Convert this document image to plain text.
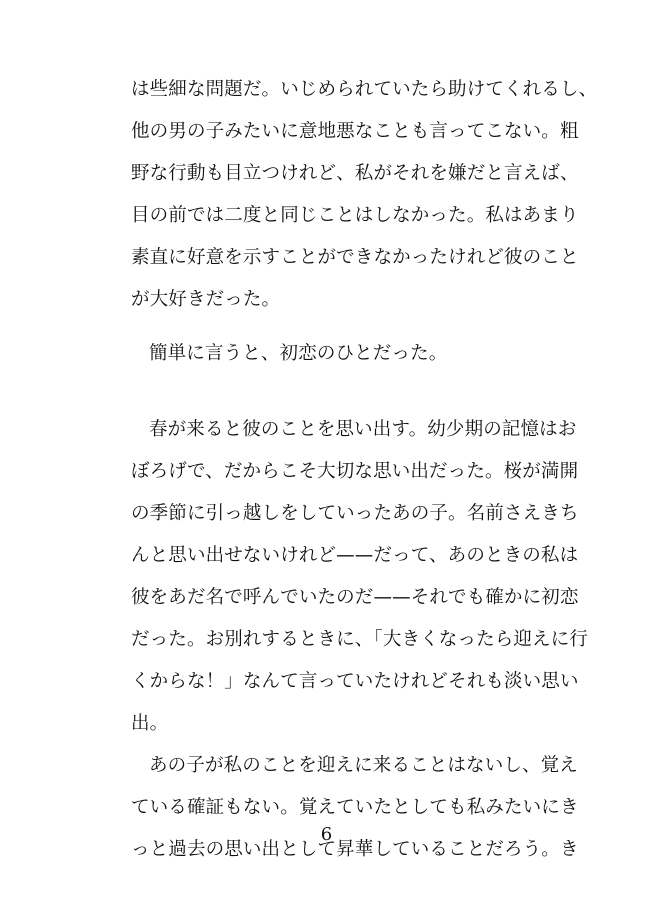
は些細な問題だ。いじめられていたら助けてくれるし、
他の男の子みたいに意地悪なことも言ってこない。粗
野な行動も目立つけれど、私がそれを嫌だと言えば、
目の前では二度と同じことはしなかった。私はあまり
素直に好意を示すことができなかったけれど彼のこと
が大好きだった。
簡単に言うと、初恋のひとだった。
春が来ると彼のことを思い出す。幼少期の記憶はお
ぼろげで、だからこそ大切な思い出だった。桜が満開
の季節に引っ越しをしていったあの子。名前さえきち
んと思い出せないけれど——だって、あのときの私は
彼をあだ名で呼んでいたのだ——それでも確かに初恋
だった。お別れするときに、「大きくなったら迎えに行
くからな！」なんて言っていたけれどそれも淡い思い
出。
あの子が私のことを迎えに来ることはないし、覚え
ている確証もない。覚えていたとしても私みたいにき
っと過去の思い出として昇華していることだろう。き
6
